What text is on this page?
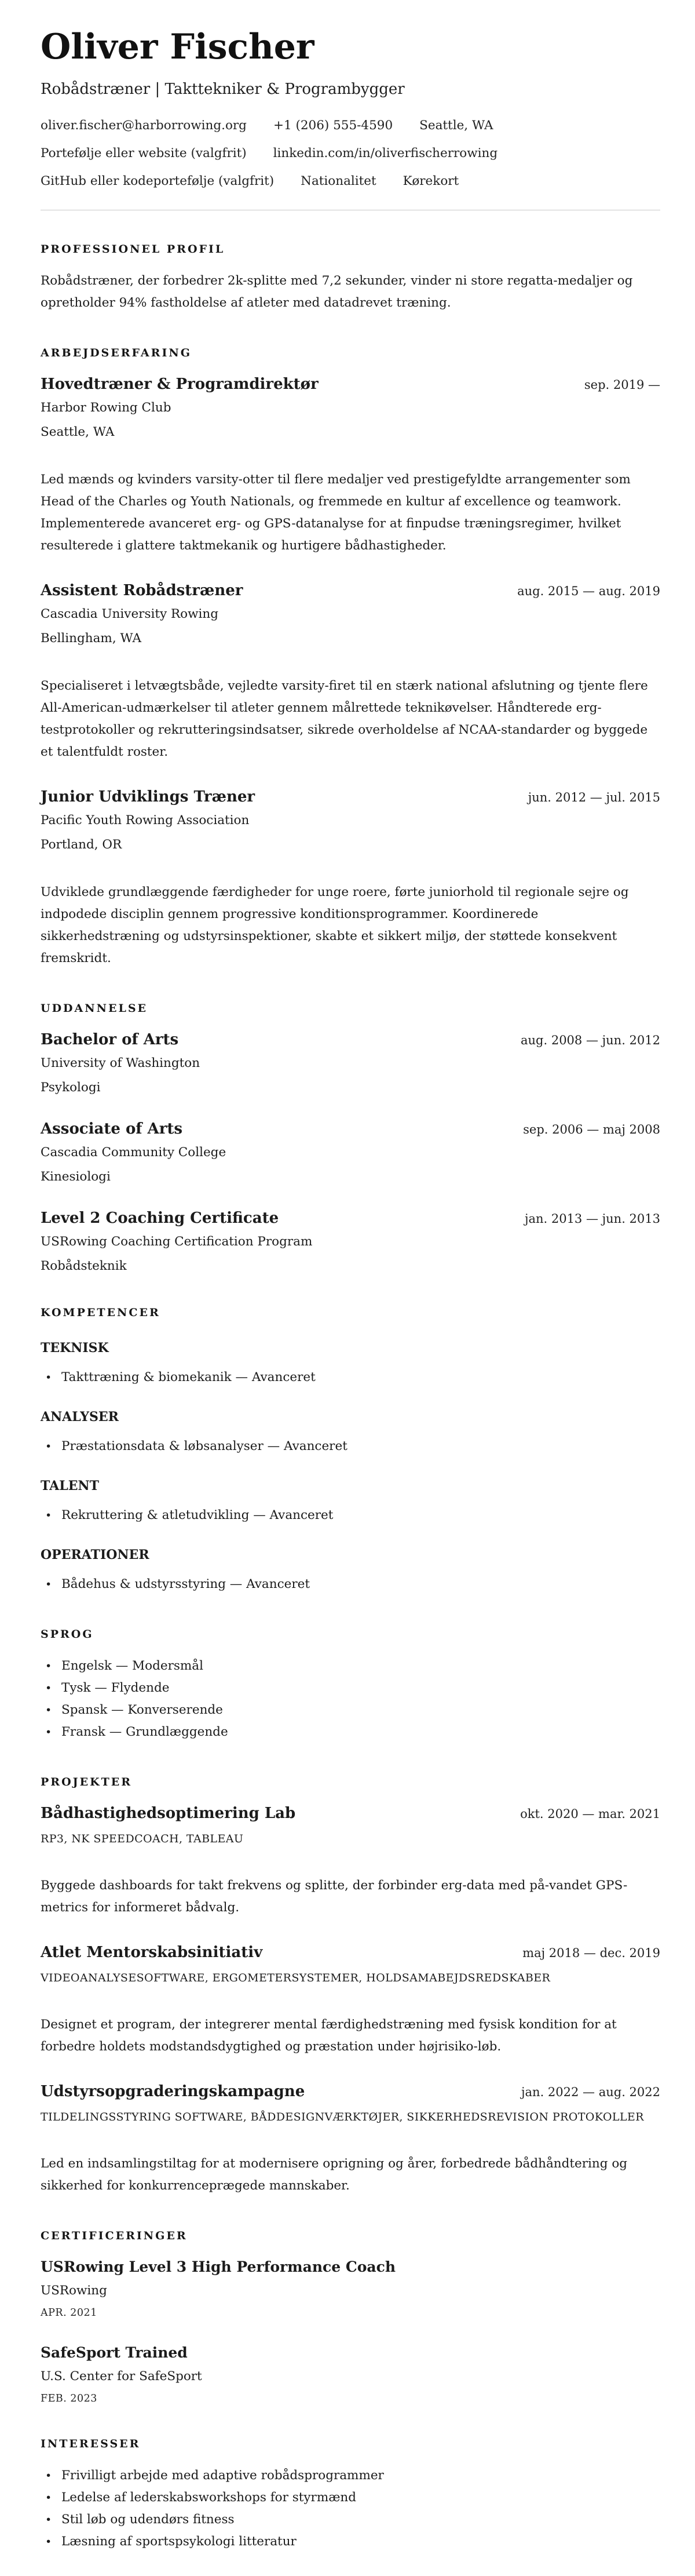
Oliver Fischer
Robådstræner | Takttekniker & Programbygger
oliver.fischer@harborrowing.org +1 (206) 555-4590 Seattle, WA
Portefølje eller website (valgfrit) linkedin.com/in/oliverfischerrowing
GitHub eller kodeportefølje (valgfrit) Nationalitet Kørekort
PROFESSIONEL PROFIL

Robådstræner, der forbedrer 2k-splitte med 7,2 sekunder, vinder ni store regatta-medaljer og opretholder 94% fastholdelse af atleter med datadrevet træning.

ARBEJDSERFARING
Hovedtræner & Programdirektør	sep. 2019 —
Harbor Rowing Club
Seattle, WA

Led mænds og kvinders varsity-otter til flere medaljer ved prestigefyldte arrangementer som Head of the Charles og Youth Nationals, og fremmede en kultur af excellence og teamwork. Implementerede avanceret erg- og GPS-datanalyse for at finpudse træningsregimer, hvilket resulterede i glattere taktmekanik og hurtigere bådhastigheder.

Assistent Robådstræner	aug. 2015 — aug. 2019
Cascadia University Rowing
Bellingham, WA

Specialiseret i letvægtsbåde, vejledte varsity-firet til en stærk national afslutning og tjente flere All-American-udmærkelser til atleter gennem målrettede teknikøvelser. Håndterede erg-testprotokoller og rekrutteringsindsatser, sikrede overholdelse af NCAA-standarder og byggede et talentfuldt roster.

Junior Udviklings Træner	jun. 2012 — jul. 2015
Pacific Youth Rowing Association
Portland, OR

Udviklede grundlæggende færdigheder for unge roere, førte juniorhold til regionale sejre og indpodede disciplin gennem progressive konditionsprogrammer. Koordinerede sikkerhedstræning og udstyrsinspektioner, skabte et sikkert miljø, der støttede konsekvent fremskridt.

UDDANNELSE
Bachelor of Arts	aug. 2008 — jun. 2012
University of Washington
Psykologi
Associate of Arts	sep. 2006 — maj 2008
Cascadia Community College
Kinesiologi
Level 2 Coaching Certificate	jan. 2013 — jun. 2013
USRowing Coaching Certification Program
Robådsteknik
KOMPETENCER
TEKNISK
• Takttræning & biomekanik — Avanceret
ANALYSER
• Præstationsdata & løbsanalyser — Avanceret
TALENT
• Rekruttering & atletudvikling — Avanceret
OPERATIONER
• Bådehus & udstyrsstyring — Avanceret
SPROG
• Engelsk — Modersmål
• Tysk — Flydende
• Spansk — Konverserende
• Fransk — Grundlæggende
PROJEKTER
Bådhastighedsoptimering Lab	okt. 2020 — mar. 2021
RP3, NK SPEEDCOACH, TABLEAU

Byggede dashboards for takt frekvens og splitte, der forbinder erg-data med på-vandet GPS-metrics for informeret bådvalg.

Atlet Mentorskabsinitiativ	maj 2018 — dec. 2019
VIDEOANALYSESOFTWARE, ERGOMETERSYSTEMER, HOLDSAMABEJDSREDSKABER

Designet et program, der integrerer mental færdighedstræning med fysisk kondition for at forbedre holdets modstandsdygtighed og præstation under højrisiko-løb.

Udstyrsopgraderingskampagne	jan. 2022 — aug. 2022
TILDELINGSSTYRING SOFTWARE, BÅDDESIGNVÆRKTØJER, SIKKERHEDSREVISION PROTOKOLLER

Led en indsamlingstiltag for at modernisere oprigning og årer, forbedrede bådhåndtering og sikkerhed for konkurrenceprægede mannskaber.

CERTIFICERINGER
USRowing Level 3 High Performance Coach
USRowing
APR. 2021
SafeSport Trained
U.S. Center for SafeSport
FEB. 2023
INTERESSER
• Frivilligt arbejde med adaptive robådsprogrammer
• Ledelse af lederskabsworkshops for styrmænd
• Stil løb og udendørs fitness
• Læsning af sportspsykologi litteratur
